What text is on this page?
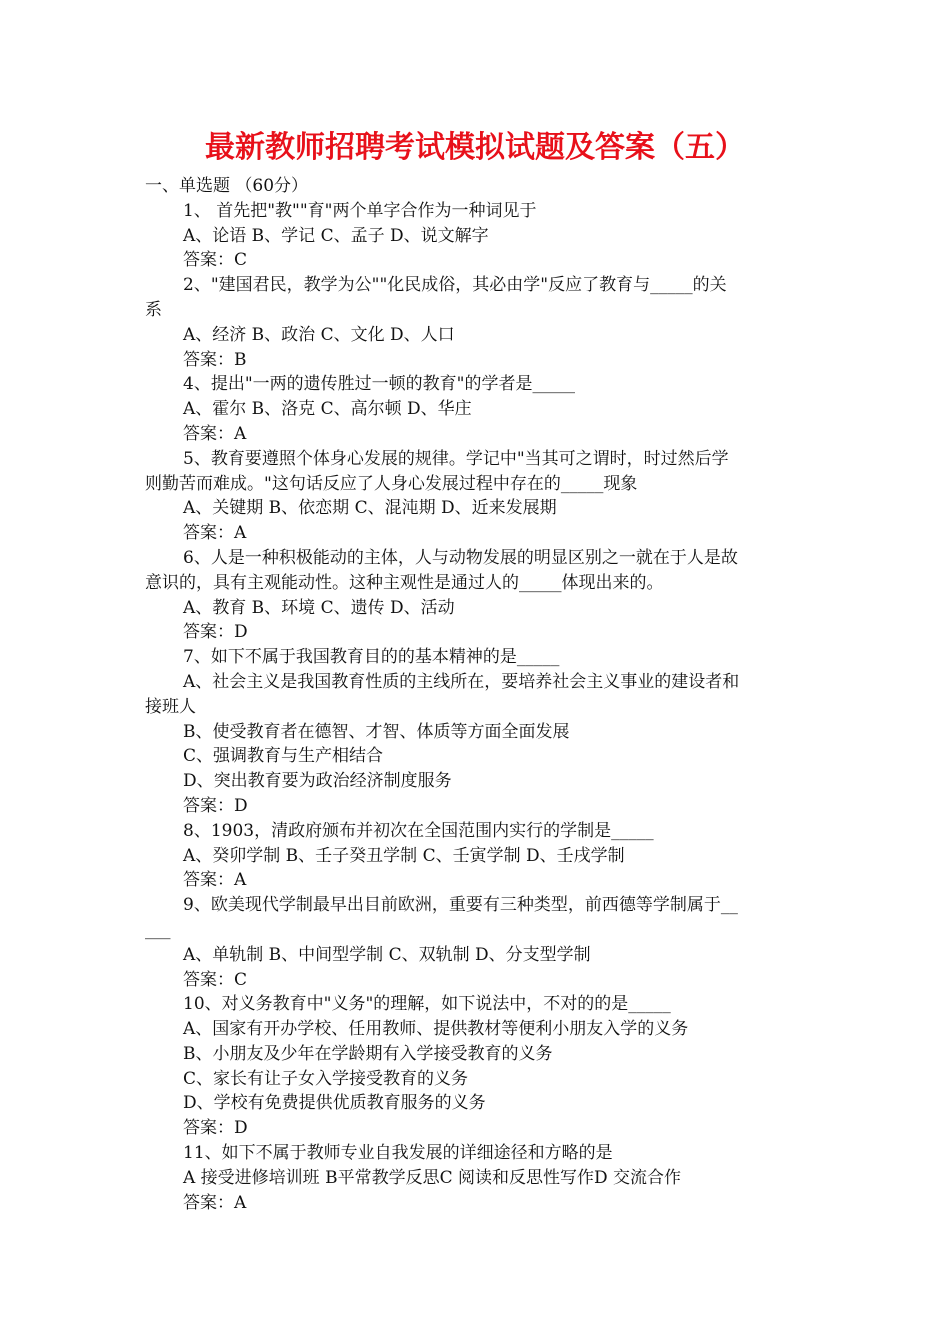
最新教师招聘考试模拟试题及答案（五）
一、单选题 （60分）
1、 首先把"教""育"两个单字合作为一种词见于
A、论语 B、学记 C、孟子 D、说文解字
答案：C
2、"建国君民，教学为公""化民成俗，其必由学"反应了教育与_____的关
系
A、经济 B、政治 C、文化 D、人口
答案：B
4、提出"一两的遗传胜过一顿的教育"的学者是_____
A、霍尔 B、洛克 C、高尔顿 D、华庄
答案：A
5、教育要遵照个体身心发展的规律。学记中"当其可之谓时，时过然后学
则勤苦而难成。"这句话反应了人身心发展过程中存在的_____现象
A、关键期 B、依恋期 C、混沌期 D、近来发展期
答案：A
6、人是一种积极能动的主体，人与动物发展的明显区别之一就在于人是故
意识的，具有主观能动性。这种主观性是通过人的_____体现出来的。
A、教育 B、环境 C、遗传 D、活动
答案：D
7、如下不属于我国教育目的的基本精神的是_____
A、社会主义是我国教育性质的主线所在，要培养社会主义事业的建设者和
接班人
B、使受教育者在德智、才智、体质等方面全面发展
C、强调教育与生产相结合
D、突出教育要为政治经济制度服务
答案：D
8、1903，清政府颁布并初次在全国范围内实行的学制是_____
A、癸卯学制 B、壬子癸丑学制 C、壬寅学制 D、壬戌学制
答案：A
9、欧美现代学制最早出目前欧洲，重要有三种类型，前西德等学制属于__
___
A、单轨制 B、中间型学制 C、双轨制 D、分支型学制
答案：C
10、对义务教育中"义务"的理解，如下说法中，不对的的是_____
A、国家有开办学校、任用教师、提供教材等便利小朋友入学的义务
B、小朋友及少年在学龄期有入学接受教育的义务
C、家长有让子女入学接受教育的义务
D、学校有免费提供优质教育服务的义务
答案：D
11、如下不属于教师专业自我发展的详细途径和方略的是
A 接受进修培训班 B平常教学反思C 阅读和反思性写作D 交流合作
答案：A
